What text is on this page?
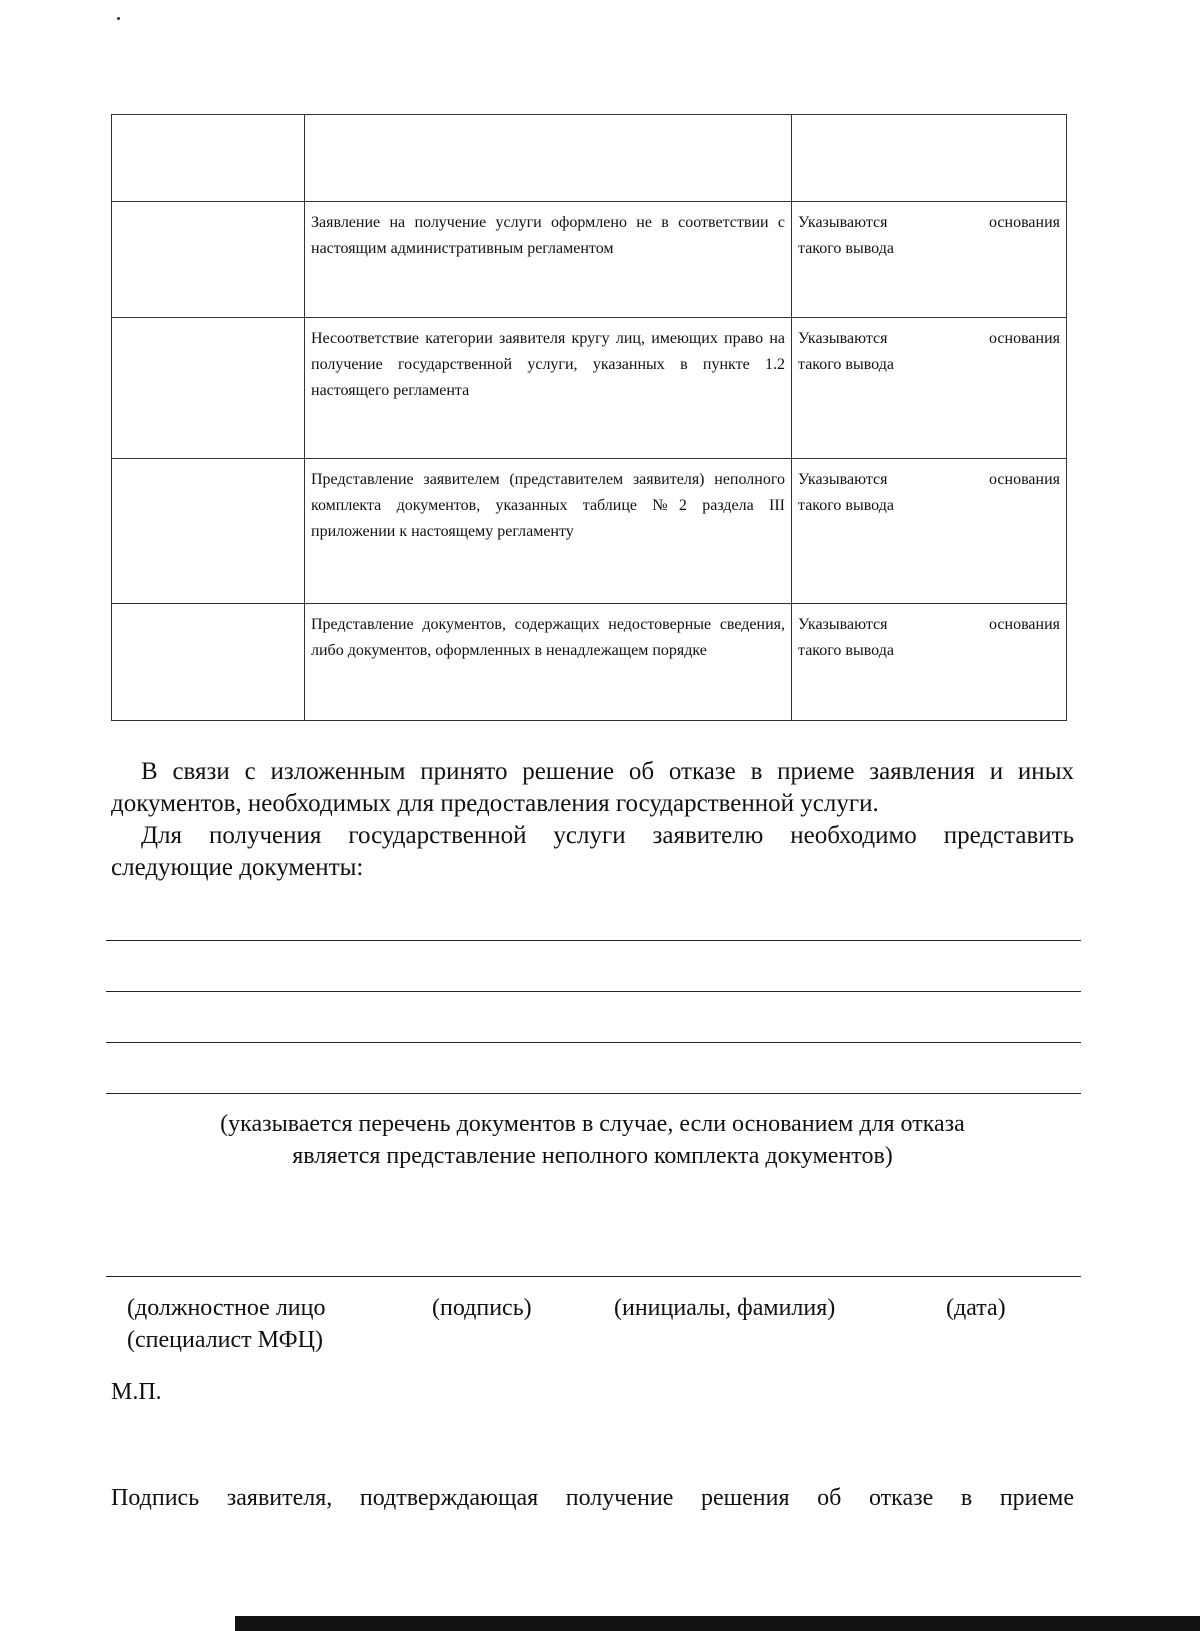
	Заявление на получение услуги оформлено не в соответствии с настоящим административным регламентом	Указываются основания
такого вывода

	Несоответствие категории заявителя кругу лиц, имеющих право на получение государственной услуги, указанных в пункте 1.2 настоящего регламента	Указываются основания
такого вывода

	Представление заявителем (представителем заявителя) неполного комплекта документов, указанных таблице №2 раздела III приложении к настоящему регламенту	Указываются основания
такого вывода

	Представление документов, содержащих недостоверные сведения, либо документов, оформленных в ненадлежащем порядке	Указываются основания
такого вывода

В связи с изложенным принято решение об отказе в приеме заявления и иных документов, необходимых для предоставления государственной услуги.

Для получения государственной услуги заявителю необходимо представить следующие документы:

(указывается перечень документов в случае, если основанием для отказа

является представление неполного комплекта документов)

(должностное лицо

(специалист МФЦ)

(подпись)	(инициалы, фамилия)	(дата)

М.П.

Подпись заявителя, подтверждающая получение решения об отказе в приеме
